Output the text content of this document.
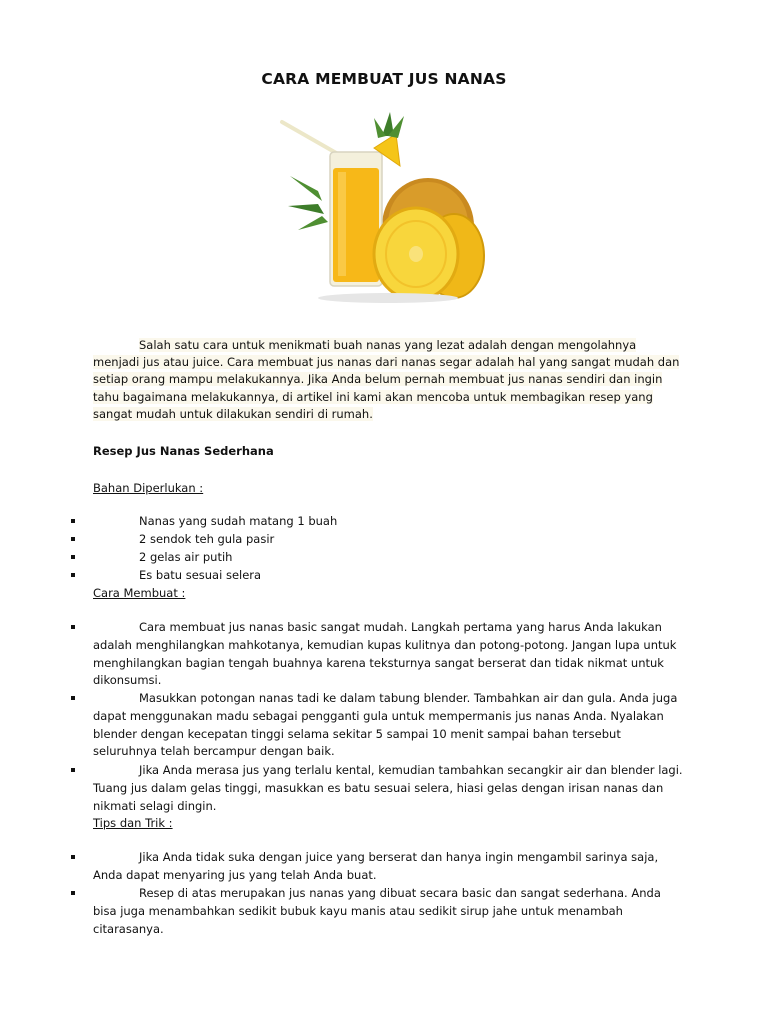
CARA MEMBUAT JUS NANAS
Salah satu cara untuk menikmati buah nanas yang lezat adalah dengan mengolahnya menjadi jus atau juice. Cara membuat jus nanas dari nanas segar adalah hal yang sangat mudah dan setiap orang mampu melakukannya. Jika Anda belum pernah membuat jus nanas sendiri dan ingin tahu bagaimana melakukannya, di artikel ini kami akan mencoba untuk membagikan resep yang sangat mudah untuk dilakukan sendiri di rumah.
Resep Jus Nanas Sederhana
Bahan Diperlukan :
Nanas yang sudah matang 1 buah
2 sendok teh gula pasir
2 gelas air putih
Es batu sesuai selera
Cara Membuat :
Cara membuat jus nanas basic sangat mudah. Langkah pertama yang harus Anda lakukan adalah menghilangkan mahkotanya, kemudian kupas kulitnya dan potong-potong. Jangan lupa untuk menghilangkan bagian tengah buahnya karena teksturnya sangat berserat dan tidak nikmat untuk dikonsumsi.
Masukkan potongan nanas tadi ke dalam tabung blender. Tambahkan air dan gula. Anda juga dapat menggunakan madu sebagai pengganti gula untuk mempermanis jus nanas Anda. Nyalakan blender dengan kecepatan tinggi selama sekitar 5 sampai 10 menit sampai bahan tersebut seluruhnya telah bercampur dengan baik.
Jika Anda merasa jus yang terlalu kental, kemudian tambahkan secangkir air dan blender lagi. Tuang jus dalam gelas tinggi, masukkan es batu sesuai selera, hiasi gelas dengan irisan nanas dan nikmati selagi dingin.
Tips dan Trik :
Jika Anda tidak suka dengan juice yang berserat dan hanya ingin mengambil sarinya saja, Anda dapat menyaring jus yang telah Anda buat.
Resep di atas merupakan jus nanas yang dibuat secara basic dan sangat sederhana. Anda bisa juga menambahkan sedikit bubuk kayu manis atau sedikit sirup jahe untuk menambah citarasanya.
